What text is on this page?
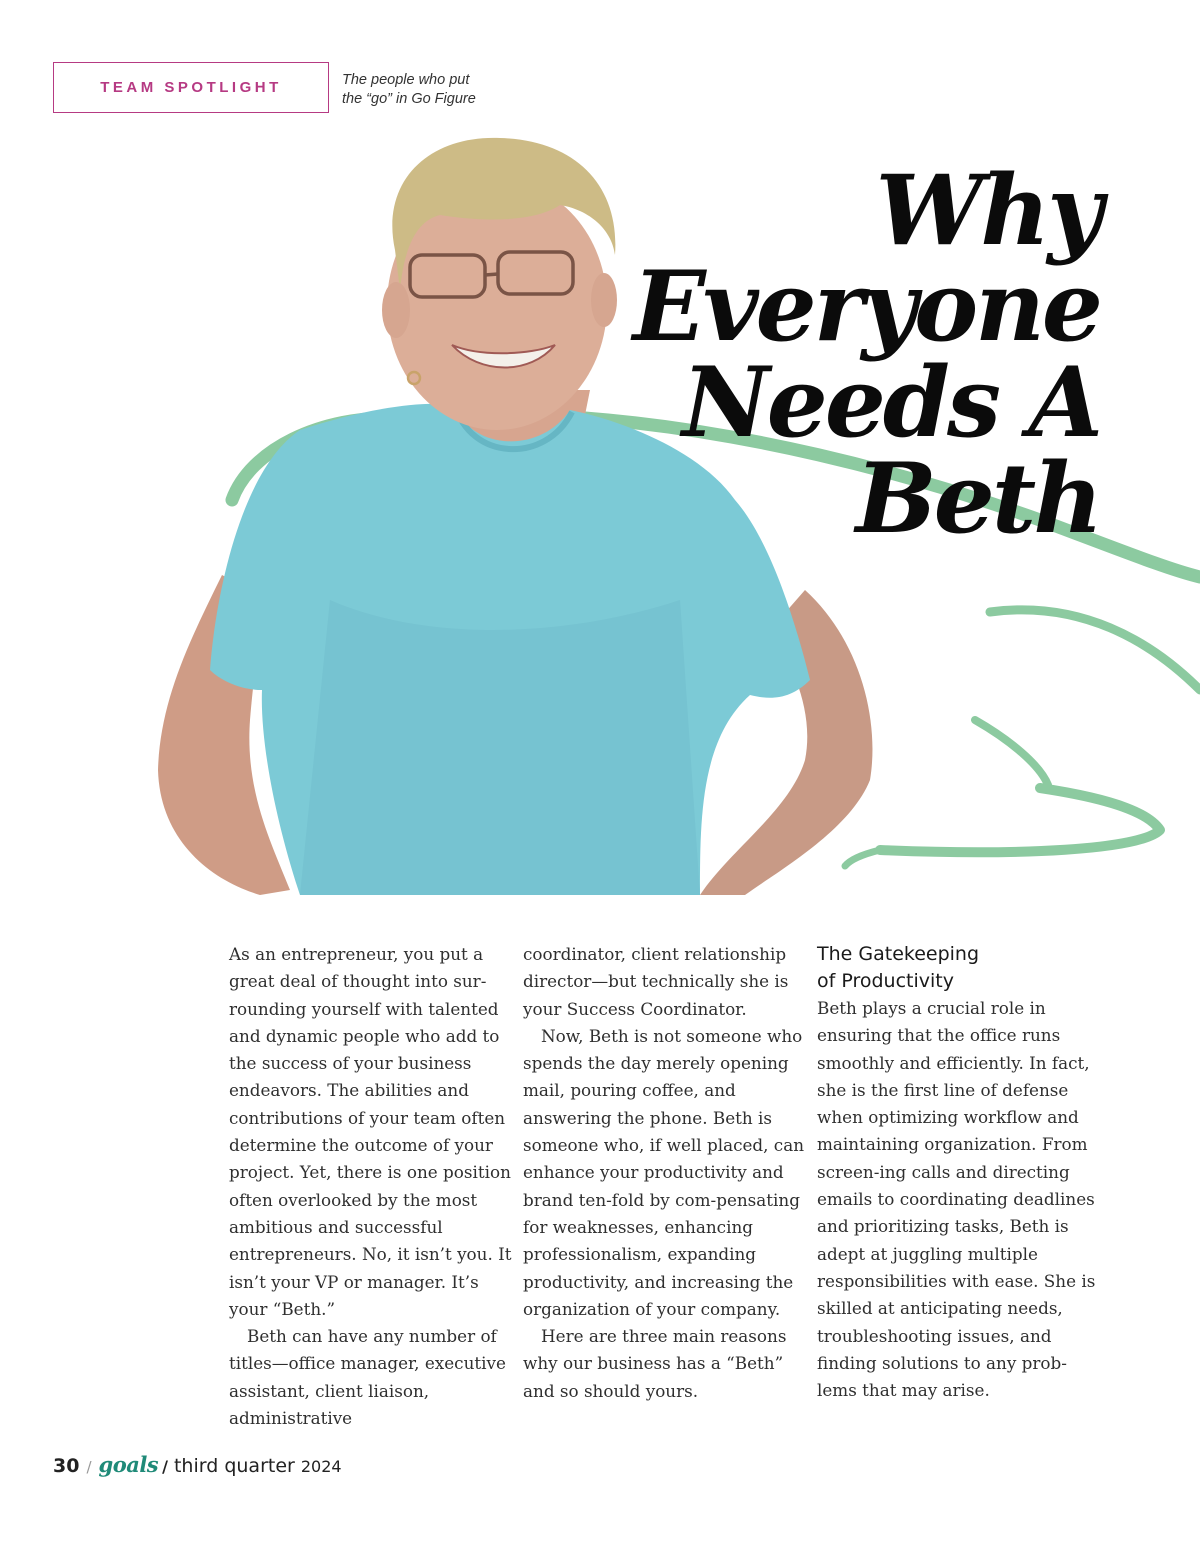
TEAM SPOTLIGHT	The people who put
the “go” in Go Figure
Why
Everyone
Needs A
Beth

As an entrepreneur, you put a great deal of thought into sur-rounding yourself with talented and dynamic people who add to the success of your business endeavors. The abilities and contributions of your team often determine the outcome of your project. Yet, there is one position often overlooked by the most ambitious and successful entrepreneurs. No, it isn’t you. It isn’t your VP or manager. It’s your “Beth.”

Beth can have any number of titles—office manager, executive assistant, client liaison, administrative

coordinator, client relationship director—but technically she is your Success Coordinator.

Now, Beth is not someone who spends the day merely opening mail, pouring coffee, and answering the phone. Beth is someone who, if well placed, can enhance your productivity and brand ten-fold by com-pensating for weaknesses, enhancing professionalism, expanding productivity, and increasing the organization of your company.

Here are three main reasons why our business has a “Beth” and so should yours.

The Gatekeeping
of Productivity

Beth plays a crucial role in ensuring that the office runs smoothly and efficiently. In fact, she is the first line of defense when optimizing workflow and maintaining organization. From screen-ing calls and directing emails to coordinating deadlines and prioritizing tasks, Beth is adept at juggling multiple responsibilities with ease. She is skilled at anticipating needs, troubleshooting issues, and finding solutions to any prob-lems that may arise.

30 / goals / third quarter 2024
